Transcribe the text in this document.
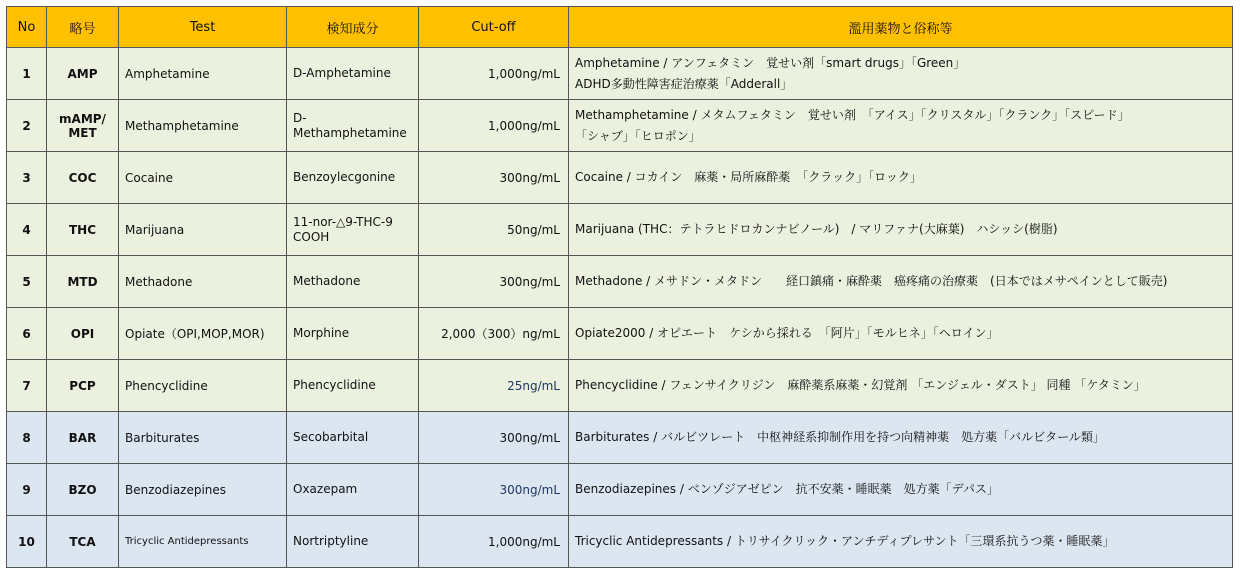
No	略号	Test	検知成分	Cut-off	濫用薬物と俗称等
1	AMP	Amphetamine	D-Amphetamine	1,000ng/mL	Amphetamine / アンフェタミン　覚せい剤「smart drugs」「Green」
ADHD多動性障害症治療薬「Adderall」

2	mAMP/ MET	Methamphetamine	D-Methamphetamine	1,000ng/mL	Methamphetamine / メタムフェタミン　覚せい剤　「アイス」「クリスタル」「クランク」「スピード」
「シャブ」「ヒロポン」

3	COC	Cocaine	Benzoylecgonine	300ng/mL	Cocaine / コカイン　麻薬・局所麻酔薬　「クラック」「ロック」

4	THC	Marijuana	11-nor-△9-THC-9 COOH	50ng/mL	Marijuana (THC：テトラヒドロカンナビノール)　/ マリファナ(大麻葉)　ハシッシ(樹脂)

5	MTD	Methadone	Methadone	300ng/mL	Methadone / メサドン・メタドン　　経口鎮痛・麻酔薬　癌疼痛の治療薬　(日本ではメサペインとして販売)

6	OPI	Opiate（OPI,MOP,MOR)	Morphine	2,000（300）ng/mL	Opiate2000 / オピエート　ケシから採れる　「阿片」「モルヒネ」「ヘロイン」

7	PCP	Phencyclidine	Phencyclidine	25ng/mL	Phencyclidine / フェンサイクリジン　麻酔薬系麻薬・幻覚剤 「エンジェル・ダスト」 同種 「ケタミン」

8	BAR	Barbiturates	Secobarbital	300ng/mL	Barbiturates / バルビツレート　中枢神経系抑制作用を持つ向精神薬　処方薬「バルビタール類」

9	BZO	Benzodiazepines	Oxazepam	300ng/mL	Benzodiazepines / ベンゾジアゼピン　抗不安薬・睡眠薬　処方薬「デパス」

10	TCA	Tricyclic Antidepressants	Nortriptyline	1,000ng/mL	Tricyclic Antidepressants / トリサイクリック・アンチディプレサント「三環系抗うつ薬・睡眠薬」
